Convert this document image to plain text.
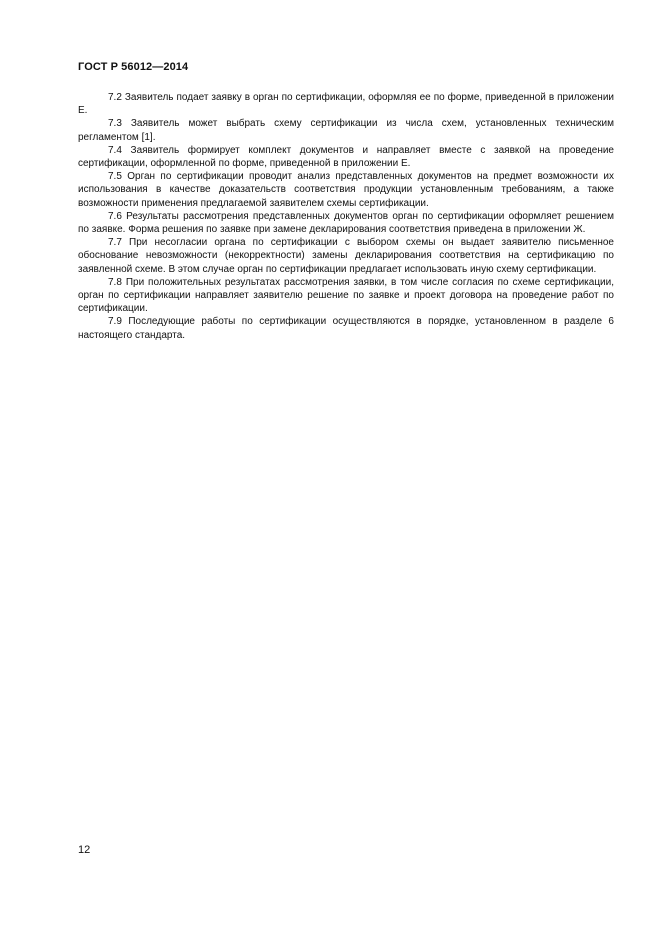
ГОСТ Р 56012—2014

7.2 Заявитель подает заявку в орган по сертификации, оформляя ее по форме, приведенной в приложении Е.

7.3 Заявитель может выбрать схему сертификации из числа схем, установленных техническим регламентом [1].

7.4 Заявитель формирует комплект документов и направляет вместе с заявкой на проведение сертификации, оформленной по форме, приведенной в приложении Е.

7.5 Орган по сертификации проводит анализ представленных документов на предмет возможности их использования в качестве доказательств соответствия продукции установленным требованиям, а также возможности применения предлагаемой заявителем схемы сертификации.

7.6 Результаты рассмотрения представленных документов орган по сертификации оформляет решением по заявке. Форма решения по заявке при замене декларирования соответствия приведена в приложении Ж.

7.7 При несогласии органа по сертификации с выбором схемы он выдает заявителю письменное обоснование невозможности (некорректности) замены декларирования соответствия на сертификацию по заявленной схеме. В этом случае орган по сертификации предлагает использовать иную схему сертификации.

7.8 При положительных результатах рассмотрения заявки, в том числе согласия по схеме сертификации, орган по сертификации направляет заявителю решение по заявке и проект договора на проведение работ по сертификации.

7.9 Последующие работы по сертификации осуществляются в порядке, установленном в разделе 6 настоящего стандарта.

12
